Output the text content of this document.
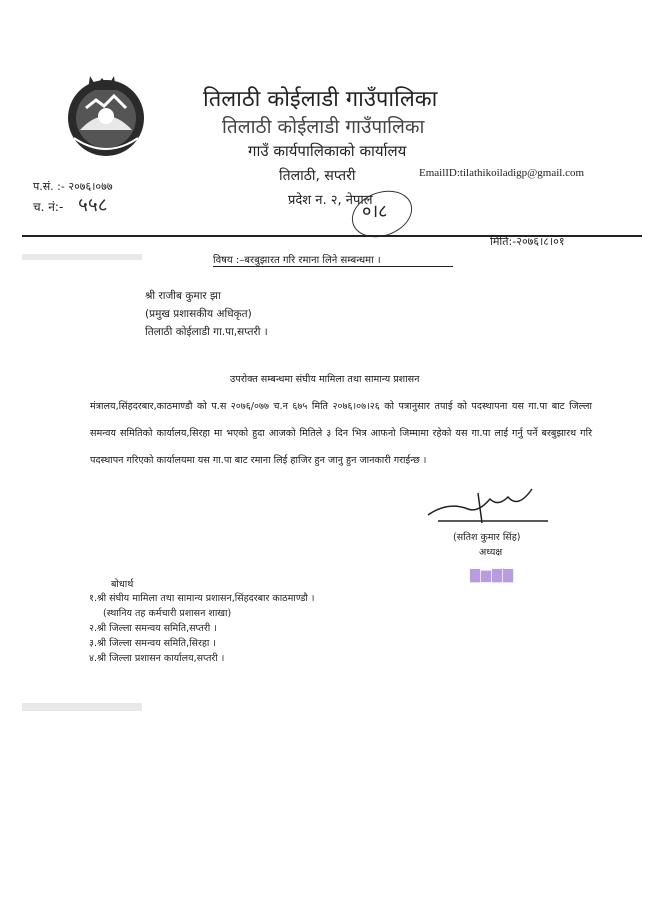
तिलाठी कोईलाडी गाउँपालिका
तिलाठी कोईलाडी गाउँपालिका
गाउँ कार्यपालिकाको कार्यालय
तिलाठी, सप्तरी
प्रदेश न. २, नेपाल
EmailID:tilathikoiladigp@gmail.com
प.सं. :- २०७६।०७७
च. नं:- ५५८	०।८
मिति:-२०७६।८।०१
विषय :–बरबुझारत गरि रमाना लिने सम्बन्धमा ।
श्री राजीब कुमार झा
(प्रमुख प्रशासकीय अधिकृत)
तिलाठी कोईलाडी गा.पा,सप्तरी ।
उपरोक्त सम्बन्धमा संघीय मामिला तथा सामान्य प्रशासन
मंत्रालय,सिंहदरबार,काठमाण्डौ को प.स २०७६/०७७ च.न ६७५ मिति २०७६।०७।२६ को पत्रानुसार तपाई को पदस्थापना यस गा.पा बाट जिल्ला समन्वय समितिको कार्यालय,सिरहा मा भएको हुदा आजको मितिले ३ दिन भित्र आफनो जिम्मामा रहेको यस गा.पा लाई गर्नु पर्ने बरबुझारथ गरि पदस्थापन गरिएको कार्यालयमा यस गा.पा बाट रमाना लिई हाजिर हुन जानु हुन जानकारी गराईन्छ ।
(सतिश कुमार सिंह)
अध्यक्ष
▇▆▇▇
बोधार्थ
१.श्री संघीय मामिला तथा सामान्य प्रशासन,सिंहदरबार काठमाण्डौ ।
(स्थानिय तह कर्मचारी प्रशासन शाखा)
२.श्री जिल्ला समन्वय समिति,सप्तरी ।
३.श्री जिल्ला समन्वय समिति,सिरहा ।
४.श्री जिल्ला प्रशासन कार्यालय,सप्तरी ।
